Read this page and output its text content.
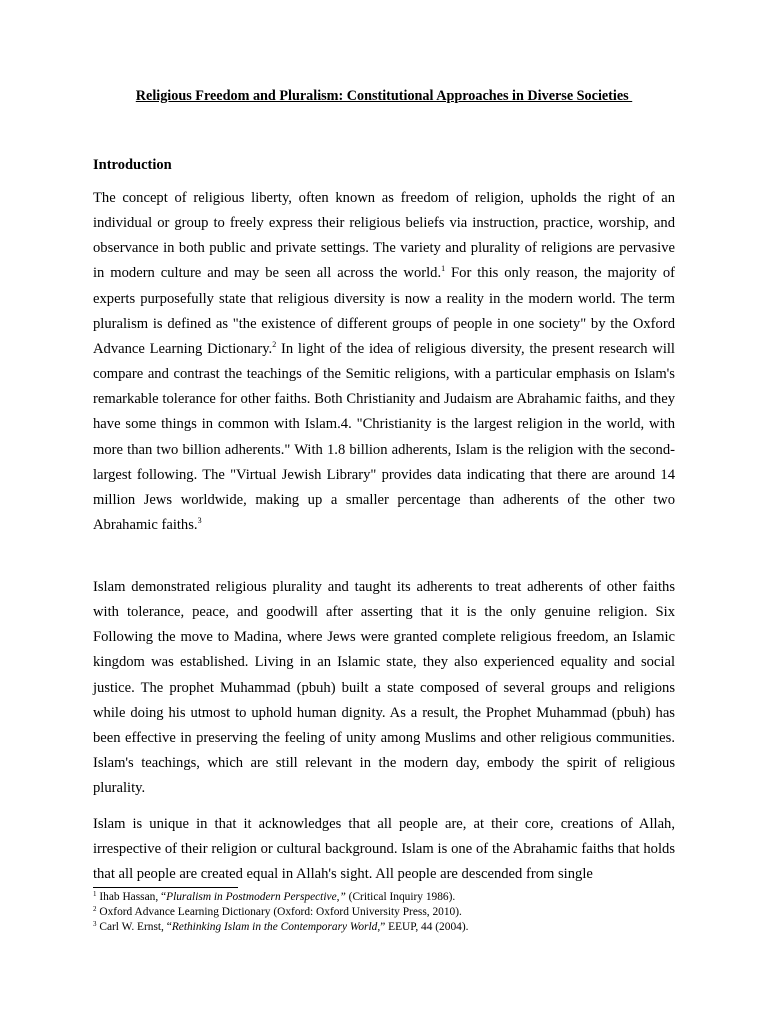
Religious Freedom and Pluralism: Constitutional Approaches in Diverse Societies
Introduction

The concept of religious liberty, often known as freedom of religion, upholds the right of an individual or group to freely express their religious beliefs via instruction, practice, worship, and observance in both public and private settings. The variety and plurality of religions are pervasive in modern culture and may be seen all across the world.$^1$ For this only reason, the majority of experts purposefully state that religious diversity is now a reality in the modern world. The term pluralism is defined as "the existence of different groups of people in one society" by the Oxford Advance Learning Dictionary.$^2$ In light of the idea of religious diversity, the present research will compare and contrast the teachings of the Semitic religions, with a particular emphasis on Islam's remarkable tolerance for other faiths. Both Christianity and Judaism are Abrahamic faiths, and they have some things in common with Islam.4. "Christianity is the largest religion in the world, with more than two billion adherents." With 1.8 billion adherents, Islam is the religion with the second-largest following. The "Virtual Jewish Library" provides data indicating that there are around 14 million Jews worldwide, making up a smaller percentage than adherents of the other two Abrahamic faiths.$^3$

Islam demonstrated religious plurality and taught its adherents to treat adherents of other faiths with tolerance, peace, and goodwill after asserting that it is the only genuine religion. Six Following the move to Madina, where Jews were granted complete religious freedom, an Islamic kingdom was established. Living in an Islamic state, they also experienced equality and social justice. The prophet Muhammad (pbuh) built a state composed of several groups and religions while doing his utmost to uphold human dignity. As a result, the Prophet Muhammad (pbuh) has been effective in preserving the feeling of unity among Muslims and other religious communities. Islam's teachings, which are still relevant in the modern day, embody the spirit of religious plurality.

Islam is unique in that it acknowledges that all people are, at their core, creations of Allah, irrespective of their religion or cultural background. Islam is one of the Abrahamic faiths that holds that all people are created equal in Allah's sight. All people are descended from single

$^1$ Ihab Hassan, “Pluralism in Postmodern Perspective,” (Critical Inquiry 1986).
$^2$ Oxford Advance Learning Dictionary (Oxford: Oxford University Press, 2010).
$^3$ Carl W. Ernst, “Rethinking Islam in the Contemporary World,” EEUP, 44 (2004).
